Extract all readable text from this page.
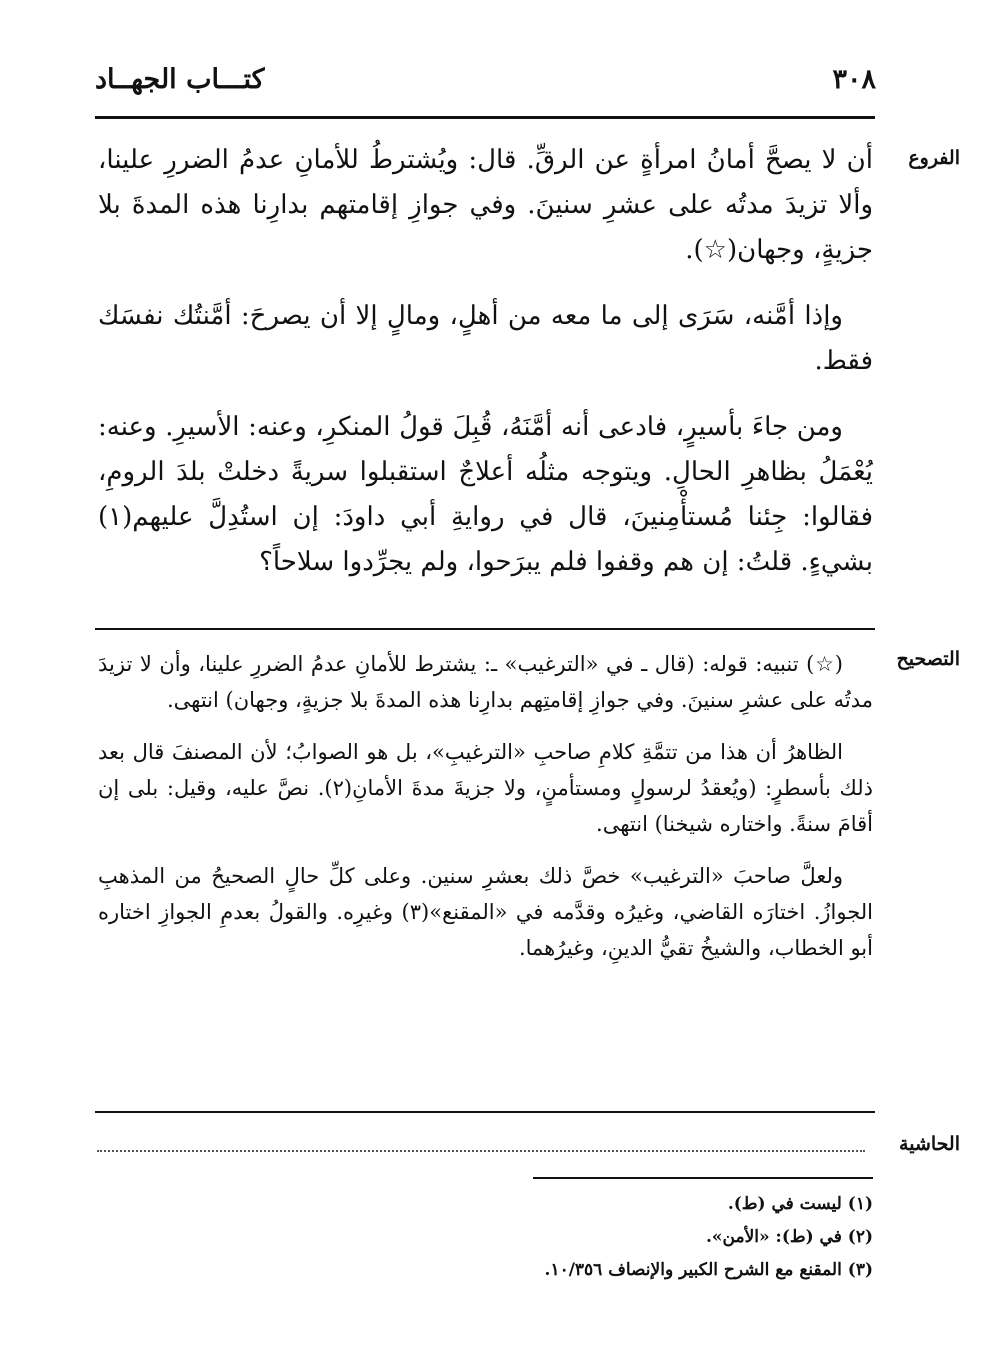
٣٠٨
كتـــاب الجهــاد
الفروع

أن لا يصحَّ أمانُ امرأةٍ عن الرقِّ. قال: ويُشترطُ للأمانِ عدمُ الضررِ علينا، وألا تزيدَ مدتُه على عشرِ سنينَ. وفي جوازِ إقامتهم بدارِنا هذه المدةَ بلا جزيةٍ، وجهان(☆).

وإذا أمَّنه، سَرَى إلى ما معه من أهلٍ، ومالٍ إلا أن يصرحَ: أمَّنتُك نفسَك فقط.

ومن جاءَ بأسيرٍ، فادعى أنه أمَّنَهُ، قُبِلَ قولُ المنكرِ، وعنه: الأسيرِ. وعنه: يُعْمَلُ بظاهرِ الحالِ. ويتوجه مثلُه أعلاجٌ استقبلوا سريةً دخلتْ بلدَ الرومِ، فقالوا: جِئنا مُستأْمِنينَ، قال في روايةِ أبي داودَ: إن استُدِلَّ عليهم(١) بشيءٍ. قلتُ: إن هم وقفوا فلم يبرَحوا، ولم يجرِّدوا سلاحاً؟

التصحيح

(☆) تنبيه: قوله: (قال ـ في «الترغيب» ـ: يشترط للأمانِ عدمُ الضررِ علينا، وأن لا تزيدَ مدتُه على عشرِ سنينَ. وفي جوازِ إقامتِهم بدارِنا هذه المدةَ بلا جزيةٍ، وجهان) انتهى.

الظاهرُ أن هذا من تتمَّةِ كلامِ صاحبِ «الترغيبِ»، بل هو الصوابُ؛ لأن المصنفَ قال بعد ذلك بأسطرٍ: (ويُعقدُ لرسولٍ ومستأمنٍ، ولا جزيةَ مدةَ الأمانِ(٢). نصَّ عليه، وقيل: بلى إن أقامَ سنةً. واختاره شيخنا) انتهى.

ولعلَّ صاحبَ «الترغيب» خصَّ ذلك بعشرِ سنين. وعلى كلِّ حالٍ الصحيحُ من المذهبِ الجوازُ. اختارَه القاضي، وغيرُه وقدَّمه في «المقنع»(٣) وغيرِه. والقولُ بعدمِ الجوازِ اختاره أبو الخطاب، والشيخُ تقيُّ الدينِ، وغيرُهما.

الحاشية
(١) ليست في (ط).
(٢) في (ط): «الأمن».
(٣) المقنع مع الشرح الكبير والإنصاف ١٠/٣٥٦.
